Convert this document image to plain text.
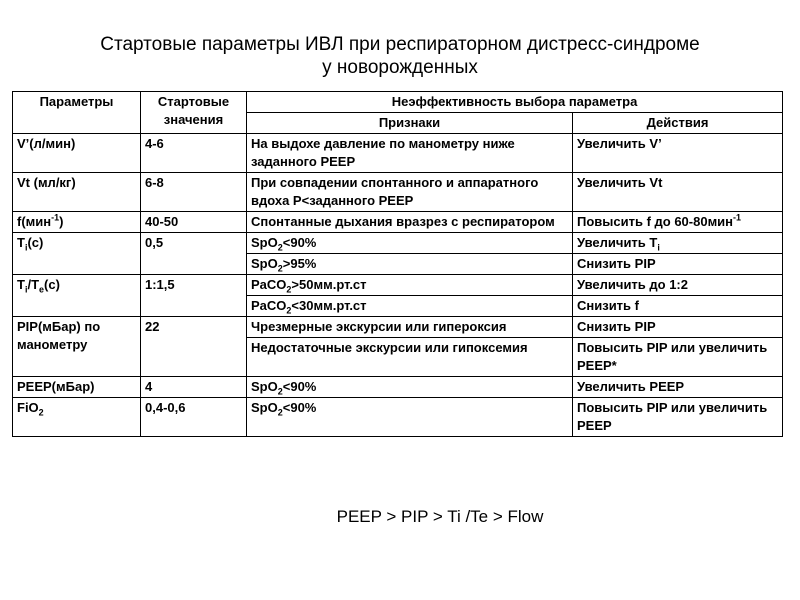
Стартовые параметры ИВЛ при респираторном дистресс-синдроме
у новорожденных
Параметры	Стартовые значения	Неэффективность выбора параметра	
		Признаки	Действия
V’(л/мин)	4-6	На выдохе давление по манометру ниже заданного PEEP	Увеличить V’
Vt (мл/кг)	6-8	При совпадении спонтанного и аппаратного вдоха P<заданного PEEP	Увеличить Vt
f(мин$^{-1}$)	40-50	Спонтанные дыхания вразрез с респиратором	Повысить f до 60-80мин$^{-1}$
$T_i(с)$	0,5	SpO$_2$<90%	Увеличить $T_i$
		SpO$_2$>95%	Снизить PIP
$T_i/T_e(с)$	1:1,5	PaCO$_2$>50мм.рт.ст	Увеличить до 1:2
		PaCO$_2$<30мм.рт.ст	Снизить f
PIP(мБар) по манометру	22	Чрезмерные экскурсии или гипероксия	Снизить PIP
		Недостаточные экскурсии или гипоксемия	Повысить PIP или увеличить PEEP*
PEEP(мБар)	4	SpO$_2$<90%	Увеличить PEEP
FiO$_2$	0,4-0,6	SpO$_2$<90%	Повысить PIP или увеличить PEEP
PEEP > PIP > Ti /Te > Flow
